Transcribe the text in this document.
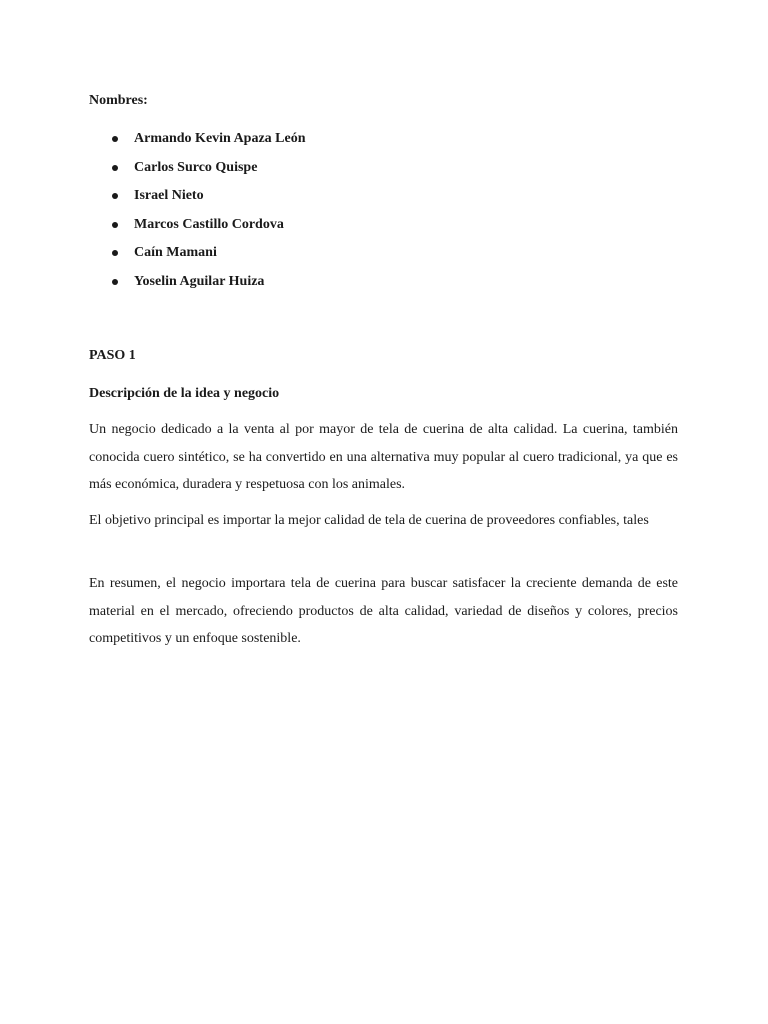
Nombres:

Armando Kevin Apaza León
Carlos Surco Quispe
Israel Nieto
Marcos Castillo Cordova
Caín Mamani
Yoselin Aguilar Huiza

PASO 1

Descripción de la idea y negocio

Un negocio dedicado a la venta al por mayor de tela de cuerina de alta calidad. La cuerina, también conocida cuero sintético, se ha convertido en una alternativa muy popular al cuero tradicional, ya que es más económica, duradera y respetuosa con los animales.

El objetivo principal es importar la mejor calidad de tela de cuerina de proveedores confiables, tales

En resumen, el negocio importara tela de cuerina para buscar satisfacer la creciente demanda de este material en el mercado, ofreciendo productos de alta calidad, variedad de diseños y colores, precios competitivos y un enfoque sostenible.
